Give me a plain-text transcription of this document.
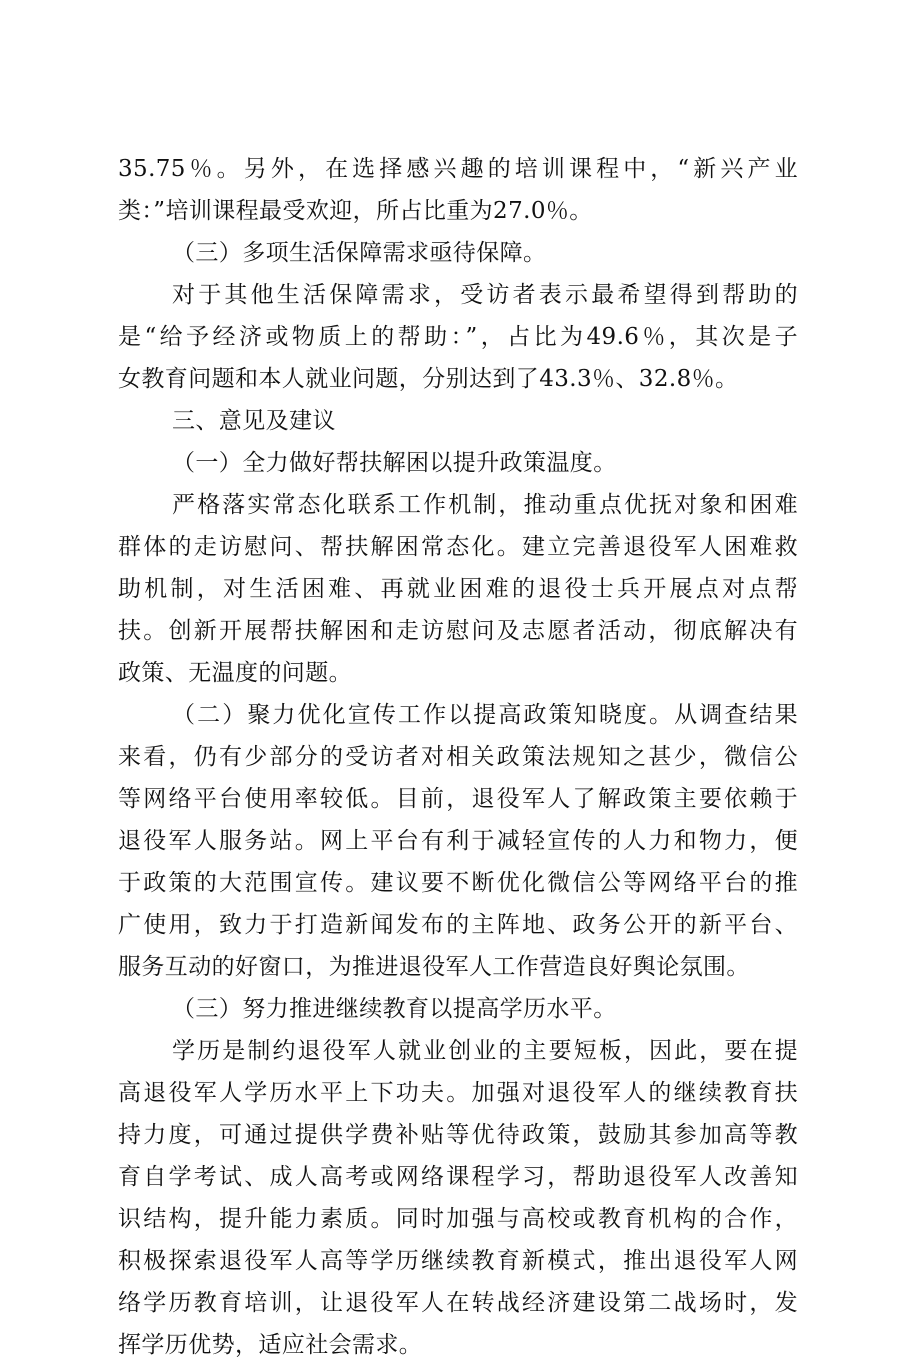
35.75％。另外，在选择感兴趣的培训课程中，“新兴产业
类：”培训课程最受欢迎，所占比重为27.0％。
（三）多项生活保障需求亟待保障。
对于其他生活保障需求，受访者表示最希望得到帮助的
是“给予经济或物质上的帮助：”，占比为49.6％，其次是子
女教育问题和本人就业问题，分别达到了43.3％、32.8％。
三、意见及建议
（一）全力做好帮扶解困以提升政策温度。
严格落实常态化联系工作机制，推动重点优抚对象和困难
群体的走访慰问、帮扶解困常态化。建立完善退役军人困难救
助机制，对生活困难、再就业困难的退役士兵开展点对点帮
扶。创新开展帮扶解困和走访慰问及志愿者活动，彻底解决有
政策、无温度的问题。
（二）聚力优化宣传工作以提高政策知晓度。从调查结果
来看，仍有少部分的受访者对相关政策法规知之甚少，微信公
等网络平台使用率较低。目前，退役军人了解政策主要依赖于
退役军人服务站。网上平台有利于减轻宣传的人力和物力，便
于政策的大范围宣传。建议要不断优化微信公等网络平台的推
广使用，致力于打造新闻发布的主阵地、政务公开的新平台、
服务互动的好窗口，为推进退役军人工作营造良好舆论氛围。
（三）努力推进继续教育以提高学历水平。
学历是制约退役军人就业创业的主要短板，因此，要在提
高退役军人学历水平上下功夫。加强对退役军人的继续教育扶
持力度，可通过提供学费补贴等优待政策，鼓励其参加高等教
育自学考试、成人高考或网络课程学习，帮助退役军人改善知
识结构，提升能力素质。同时加强与高校或教育机构的合作，
积极探索退役军人高等学历继续教育新模式，推出退役军人网
络学历教育培训，让退役军人在转战经济建设第二战场时，发
挥学历优势，适应社会需求。
